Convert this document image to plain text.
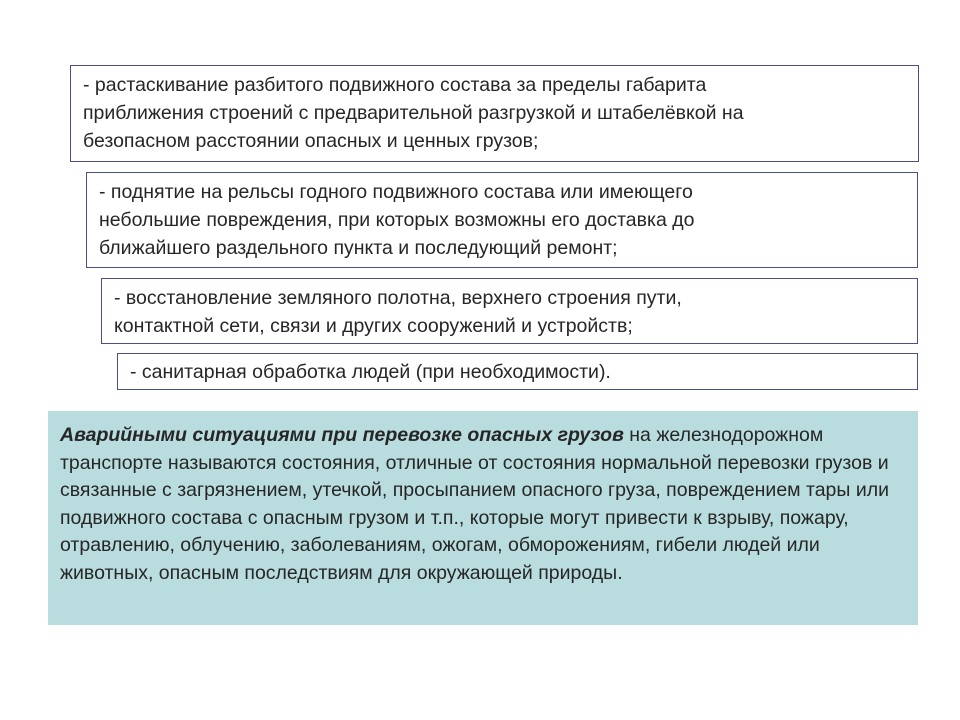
- растаскивание разбитого подвижного состава за пределы габарита
приближения строений с предварительной разгрузкой и штабелёвкой на
безопасном расстоянии опасных и ценных грузов;
- поднятие на рельсы годного подвижного состава или имеющего
небольшие повреждения, при которых возможны его доставка до
ближайшего раздельного пункта и последующий ремонт;
- восстановление земляного полотна, верхнего строения пути,
контактной сети, связи и других сооружений и устройств;
- санитарная обработка людей (при необходимости).
Аварийными ситуациями при перевозке опасных грузов на железнодорожном транспорте называются состояния, отличные от состояния нормальной перевозки грузов и связанные с загрязнением, утечкой, просыпанием опасного груза, повреждением тары или подвижного состава с опасным грузом и т.п., которые могут привести к взрыву, пожару, отравлению, облучению, заболеваниям, ожогам, обморожениям, гибели людей или животных, опасным последствиям для окружающей природы.
